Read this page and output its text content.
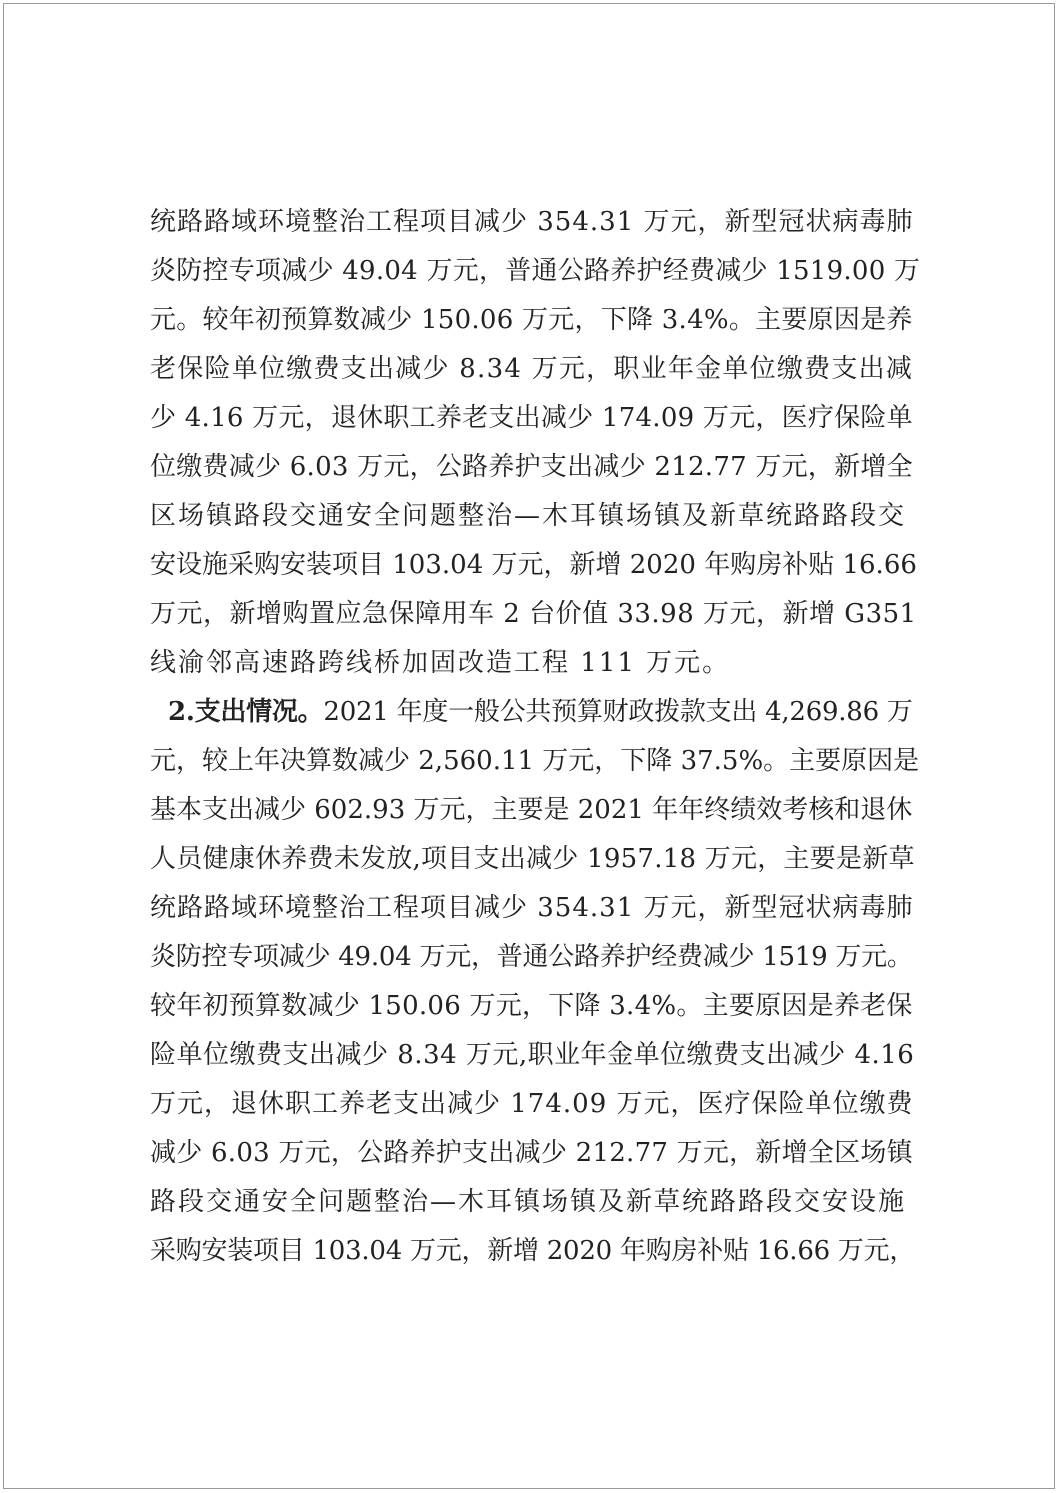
统路路域环境整治工程项目减少 354.31 万元，新型冠状病毒肺
炎防控专项减少 49.04 万元，普通公路养护经费减少 1519.00 万
元。较年初预算数减少 150.06 万元，下降 3.4%。主要原因是养
老保险单位缴费支出减少 8.34 万元，职业年金单位缴费支出减
少 4.16 万元，退休职工养老支出减少 174.09 万元，医疗保险单
位缴费减少 6.03 万元，公路养护支出减少 212.77 万元，新增全
区场镇路段交通安全问题整治—木耳镇场镇及新草统路路段交
安设施采购安装项目 103.04 万元，新增 2020 年购房补贴 16.66
万元，新增购置应急保障用车 2 台价值 33.98 万元，新增 G351
线渝邻高速路跨线桥加固改造工程 111 万元。
2.支出情况。2021 年度一般公共预算财政拨款支出 4,269.86 万
元，较上年决算数减少 2,560.11 万元，下降 37.5%。主要原因是
基本支出减少 602.93 万元，主要是 2021 年年终绩效考核和退休
人员健康休养费未发放,项目支出减少 1957.18 万元，主要是新草
统路路域环境整治工程项目减少 354.31 万元，新型冠状病毒肺
炎防控专项减少 49.04 万元，普通公路养护经费减少 1519 万元。
较年初预算数减少 150.06 万元，下降 3.4%。主要原因是养老保
险单位缴费支出减少 8.34 万元,职业年金单位缴费支出减少 4.16
万元，退休职工养老支出减少 174.09 万元，医疗保险单位缴费
减少 6.03 万元，公路养护支出减少 212.77 万元，新增全区场镇
路段交通安全问题整治—木耳镇场镇及新草统路路段交安设施
采购安装项目 103.04 万元，新增 2020 年购房补贴 16.66 万元，
